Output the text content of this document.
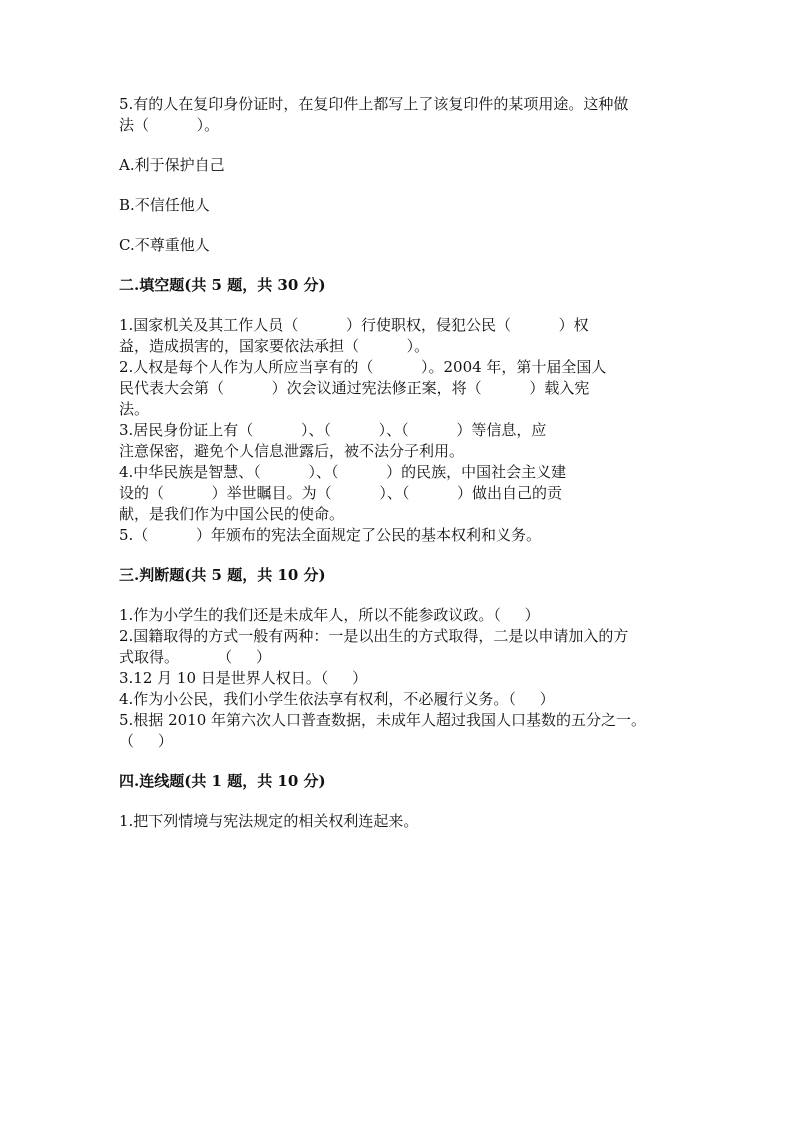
5.有的人在复印身份证时，在复印件上都写上了该复印件的某项用途。这种做

法（          ）。

A.利于保护自己

B.不信任他人

C.不尊重他人

二.填空题(共 5 题，共 30 分)

1.国家机关及其工作人员（          ）行使职权，侵犯公民（          ）权

益，造成损害的，国家要依法承担（          ）。

2.人权是每个人作为人所应当享有的（          ）。2004 年，第十届全国人

民代表大会第（          ）次会议通过宪法修正案，将（          ）载入宪

法。

3.居民身份证上有（          ）、（          ）、（          ）等信息，应

注意保密，避免个人信息泄露后，被不法分子利用。

4.中华民族是智慧、（          ）、（          ）的民族，中国社会主义建

设的（          ）举世瞩目。为（          ）、（          ）做出自己的贡

献，是我们作为中国公民的使命。

5.（          ）年颁布的宪法全面规定了公民的基本权利和义务。

三.判断题(共 5 题，共 10 分)

1.作为小学生的我们还是未成年人，所以不能参政议政。（     ）

2.国籍取得的方式一般有两种：一是以出生的方式取得，二是以申请加入的方

式取得。        （     ）

3.12 月 10 日是世界人权日。（     ）

4.作为小公民，我们小学生依法享有权利，不必履行义务。（     ）

5.根据 2010 年第六次人口普查数据，未成年人超过我国人口基数的五分之一。

（     ）

四.连线题(共 1 题，共 10 分)

1.把下列情境与宪法规定的相关权利连起来。
